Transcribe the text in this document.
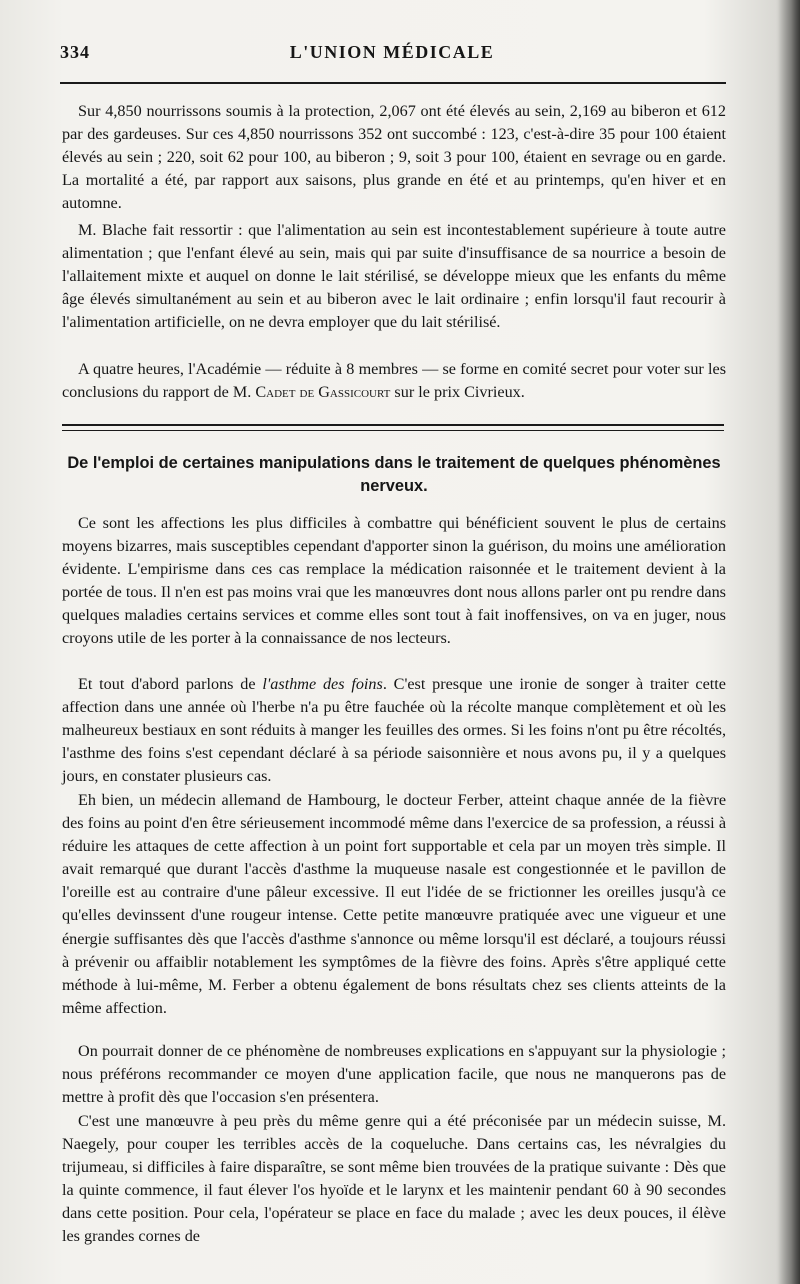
334	L'UNION MÉDICALE

Sur 4,850 nourrissons soumis à la protection, 2,067 ont été élevés au sein, 2,169 au biberon et 612 par des gardeuses. Sur ces 4,850 nourrissons 352 ont succombé : 123, c'est-à-dire 35 pour 100 étaient élevés au sein ; 220, soit 62 pour 100, au biberon ; 9, soit 3 pour 100, étaient en sevrage ou en garde. La mortalité a été, par rapport aux saisons, plus grande en été et au printemps, qu'en hiver et en automne.

M. Blache fait ressortir : que l'alimentation au sein est incontestablement supérieure à toute autre alimentation ; que l'enfant élevé au sein, mais qui par suite d'insuffisance de sa nourrice a besoin de l'allaitement mixte et auquel on donne le lait stérilisé, se développe mieux que les enfants du même âge élevés simultanément au sein et au biberon avec le lait ordinaire ; enfin lorsqu'il faut recourir à l'alimentation artificielle, on ne devra employer que du lait stérilisé.

A quatre heures, l'Académie — réduite à 8 membres — se forme en comité secret pour voter sur les conclusions du rapport de M. Cadet de Gassicourt sur le prix Civrieux.

De l'emploi de certaines manipulations dans le traitement de quelques phénomènes nerveux.

Ce sont les affections les plus difficiles à combattre qui bénéficient souvent le plus de certains moyens bizarres, mais susceptibles cependant d'apporter sinon la guérison, du moins une amélioration évidente. L'empirisme dans ces cas remplace la médication raisonnée et le traitement devient à la portée de tous. Il n'en est pas moins vrai que les manœuvres dont nous allons parler ont pu rendre dans quelques maladies certains services et comme elles sont tout à fait inoffensives, on va en juger, nous croyons utile de les porter à la connaissance de nos lecteurs.

Et tout d'abord parlons de l'asthme des foins. C'est presque une ironie de songer à traiter cette affection dans une année où l'herbe n'a pu être fauchée où la récolte manque complètement et où les malheureux bestiaux en sont réduits à manger les feuilles des ormes. Si les foins n'ont pu être récoltés, l'asthme des foins s'est cependant déclaré à sa période saisonnière et nous avons pu, il y a quelques jours, en constater plusieurs cas.

Eh bien, un médecin allemand de Hambourg, le docteur Ferber, atteint chaque année de la fièvre des foins au point d'en être sérieusement incommodé même dans l'exercice de sa profession, a réussi à réduire les attaques de cette affection à un point fort supportable et cela par un moyen très simple. Il avait remarqué que durant l'accès d'asthme la muqueuse nasale est congestionnée et le pavillon de l'oreille est au contraire d'une pâleur excessive. Il eut l'idée de se frictionner les oreilles jusqu'à ce qu'elles devinssent d'une rougeur intense. Cette petite manœuvre pratiquée avec une vigueur et une énergie suffisantes dès que l'accès d'asthme s'annonce ou même lorsqu'il est déclaré, a toujours réussi à prévenir ou affaiblir notablement les symptômes de la fièvre des foins. Après s'être appliqué cette méthode à lui-même, M. Ferber a obtenu également de bons résultats chez ses clients atteints de la même affection.

On pourrait donner de ce phénomène de nombreuses explications en s'appuyant sur la physiologie ; nous préférons recommander ce moyen d'une application facile, que nous ne manquerons pas de mettre à profit dès que l'occasion s'en présentera.

C'est une manœuvre à peu près du même genre qui a été préconisée par un médecin suisse, M. Naegely, pour couper les terribles accès de la coqueluche. Dans certains cas, les névralgies du trijumeau, si difficiles à faire disparaître, se sont même bien trouvées de la pratique suivante : Dès que la quinte commence, il faut élever l'os hyoïde et le larynx et les maintenir pendant 60 à 90 secondes dans cette position. Pour cela, l'opérateur se place en face du malade ; avec les deux pouces, il élève les grandes cornes de
